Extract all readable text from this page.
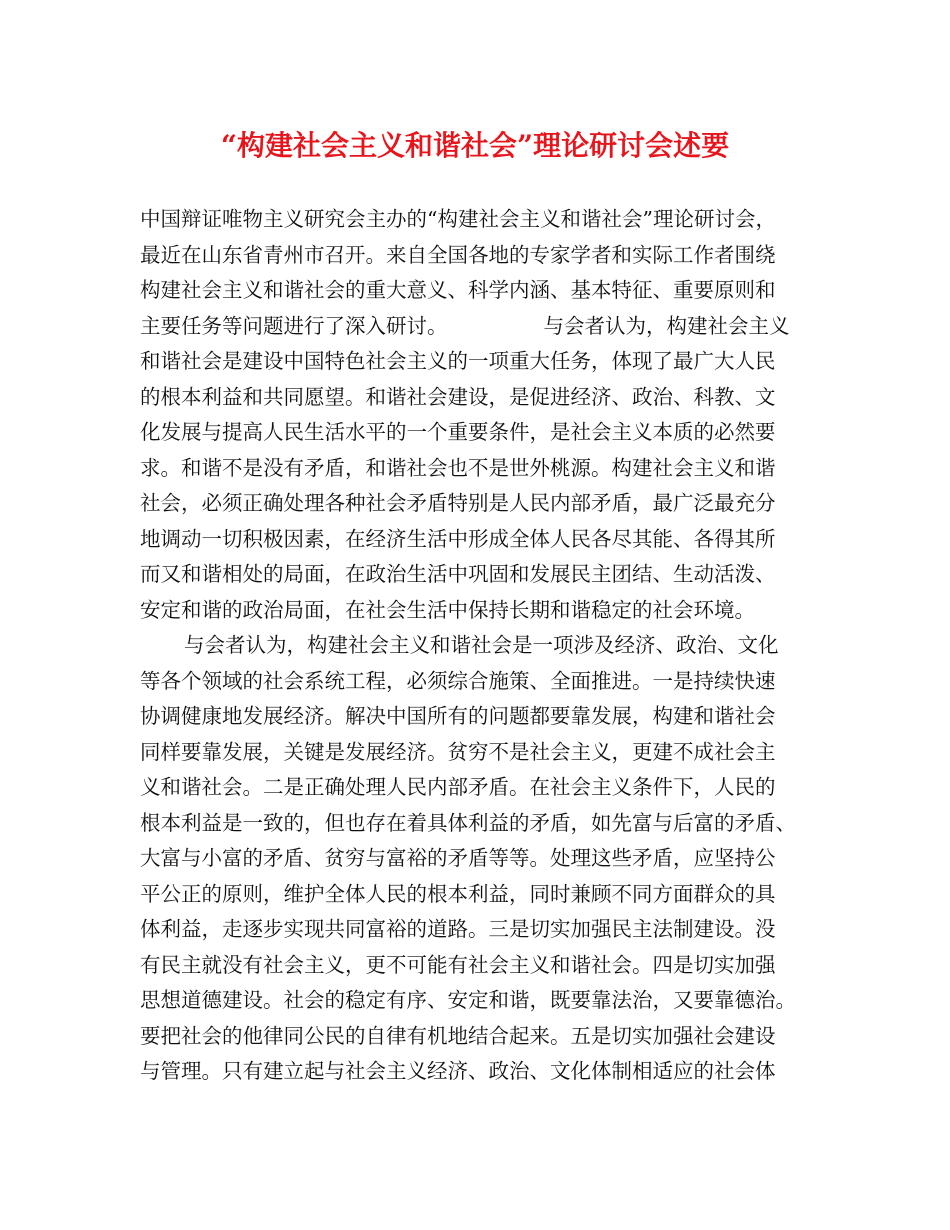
“构建社会主义和谐社会”理论研讨会述要
中国辩证唯物主义研究会主办的“构建社会主义和谐社会”理论研讨会，
最近在山东省青州市召开。来自全国各地的专家学者和实际工作者围绕
构建社会主义和谐社会的重大意义、科学内涵、基本特征、重要原则和
主要任务等问题进行了深入研讨。	与会者认为，构建社会主义
和谐社会是建设中国特色社会主义的一项重大任务，体现了最广大人民
的根本利益和共同愿望。和谐社会建设，是促进经济、政治、科教、文
化发展与提高人民生活水平的一个重要条件，是社会主义本质的必然要
求。和谐不是没有矛盾，和谐社会也不是世外桃源。构建社会主义和谐
社会，必须正确处理各种社会矛盾特别是人民内部矛盾，最广泛最充分
地调动一切积极因素，在经济生活中形成全体人民各尽其能、各得其所
而又和谐相处的局面，在政治生活中巩固和发展民主团结、生动活泼、
安定和谐的政治局面，在社会生活中保持长期和谐稳定的社会环境。
与会者认为，构建社会主义和谐社会是一项涉及经济、政治、文化
等各个领域的社会系统工程，必须综合施策、全面推进。一是持续快速
协调健康地发展经济。解决中国所有的问题都要靠发展，构建和谐社会
同样要靠发展，关键是发展经济。贫穷不是社会主义，更建不成社会主
义和谐社会。二是正确处理人民内部矛盾。在社会主义条件下，人民的
根本利益是一致的，但也存在着具体利益的矛盾，如先富与后富的矛盾、
大富与小富的矛盾、贫穷与富裕的矛盾等等。处理这些矛盾，应坚持公
平公正的原则，维护全体人民的根本利益，同时兼顾不同方面群众的具
体利益，走逐步实现共同富裕的道路。三是切实加强民主法制建设。没
有民主就没有社会主义，更不可能有社会主义和谐社会。四是切实加强
思想道德建设。社会的稳定有序、安定和谐，既要靠法治，又要靠德治。
要把社会的他律同公民的自律有机地结合起来。五是切实加强社会建设
与管理。只有建立起与社会主义经济、政治、文化体制相适应的社会体
